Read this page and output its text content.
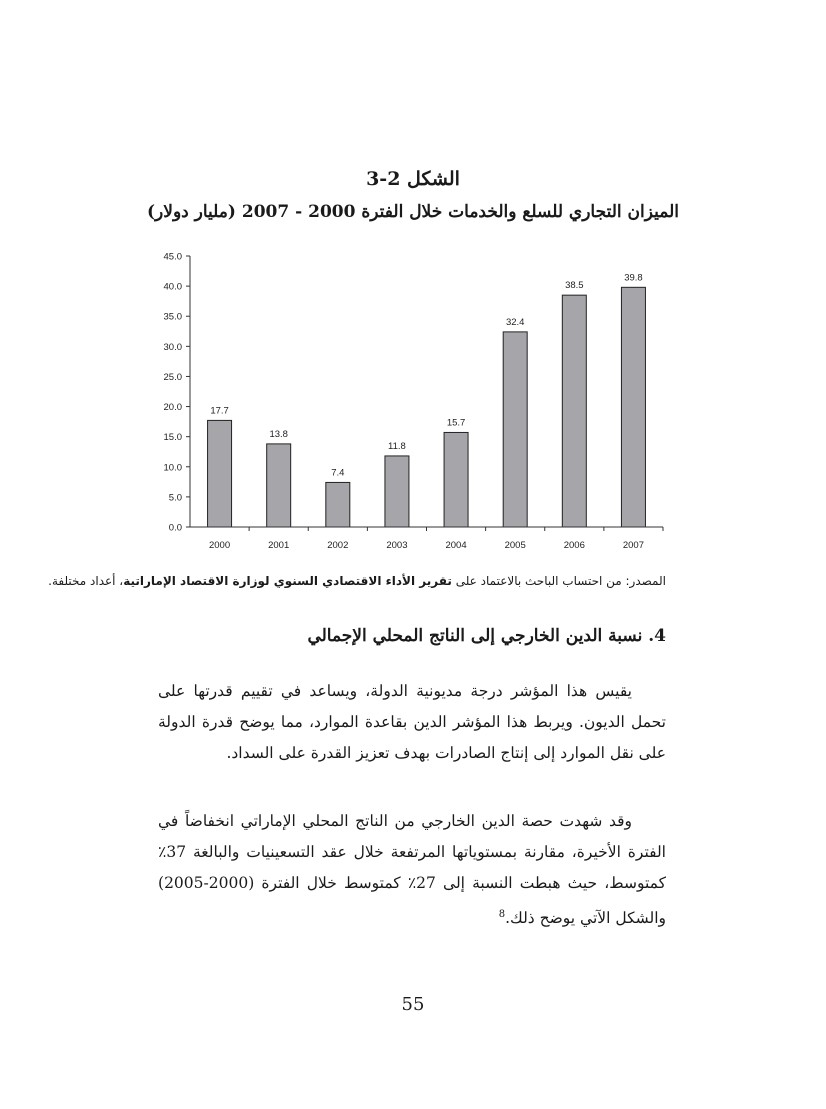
الشكل 2-3
الميزان التجاري للسلع والخدمات خلال الفترة 2000 - 2007 (مليار دولار)
0.0
5.0
10.0
15.0
20.0
25.0
30.0
35.0
40.0
45.0
17.7
2000
13.8
2001
7.4
2002
11.8
2003
15.7
2004
32.4
2005
38.5
2006
39.8
2007
المصدر: من احتساب الباحث بالاعتماد على تقرير الأداء الاقتصادي السنوي لوزارة الاقتصاد الإماراتية، أعداد مختلفة.
4. نسبة الدين الخارجي إلى الناتج المحلي الإجمالي
يقيس هذا المؤشر درجة مديونية الدولة، ويساعد في تقييم قدرتها على تحمل الديون. ويربط هذا المؤشر الدين بقاعدة الموارد، مما يوضح قدرة الدولة على نقل الموارد إلى إنتاج الصادرات بهدف تعزيز القدرة على السداد.
وقد شهدت حصة الدين الخارجي من الناتج المحلي الإماراتي انخفاضاً في الفترة الأخيرة، مقارنة بمستوياتها المرتفعة خلال عقد التسعينيات والبالغة 37٪ كمتوسط، حيث هبطت النسبة إلى 27٪ كمتوسط خلال الفترة (2000-2005) والشكل الآتي يوضح ذلك.$^8$
55
